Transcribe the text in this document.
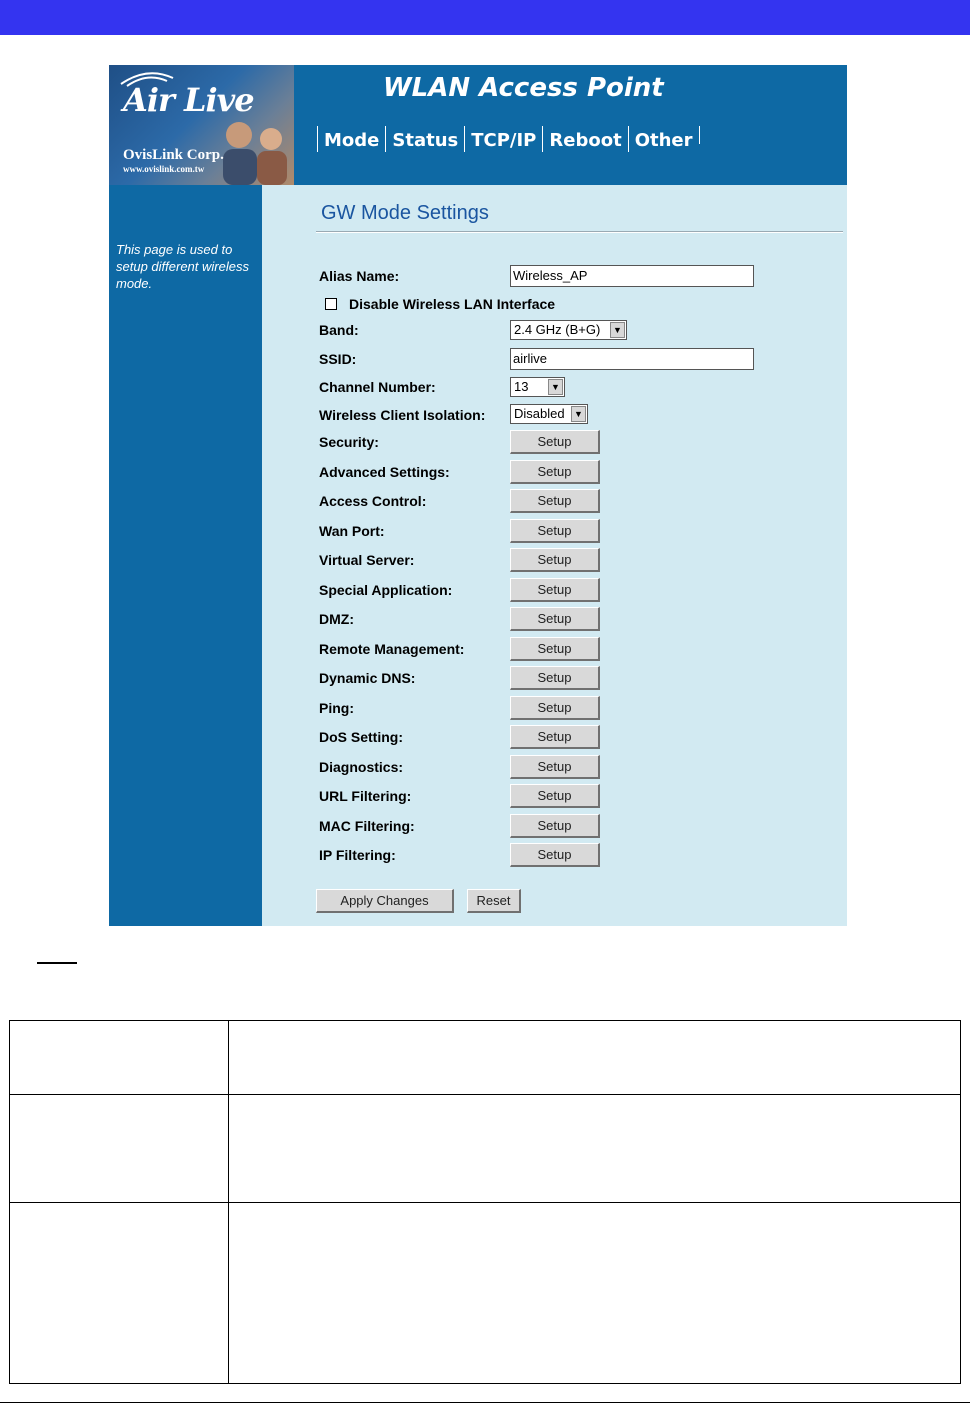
Air Live
OvisLink Corp.
www.ovislink.com.tw
WLAN Access Point
Mode Status TCP/IP Reboot Other
This page is used to setup different wireless mode.
GW Mode Settings
Alias Name:	Wireless_AP
Disable Wireless LAN Interface
Band:	2.4 GHz (B+G)	▼
SSID:	airlive
Channel Number:	13	▼
Wireless Client Isolation:	Disabled	▼
Security:	Setup
Advanced Settings:	Setup
Access Control:	Setup
Wan Port:	Setup
Virtual Server:	Setup
Special Application:	Setup
DMZ:	Setup
Remote Management:	Setup
Dynamic DNS:	Setup
Ping:	Setup
DoS Setting:	Setup
Diagnostics:	Setup
URL Filtering:	Setup
MAC Filtering:	Setup
IP Filtering:	Setup
Apply Changes	Reset
